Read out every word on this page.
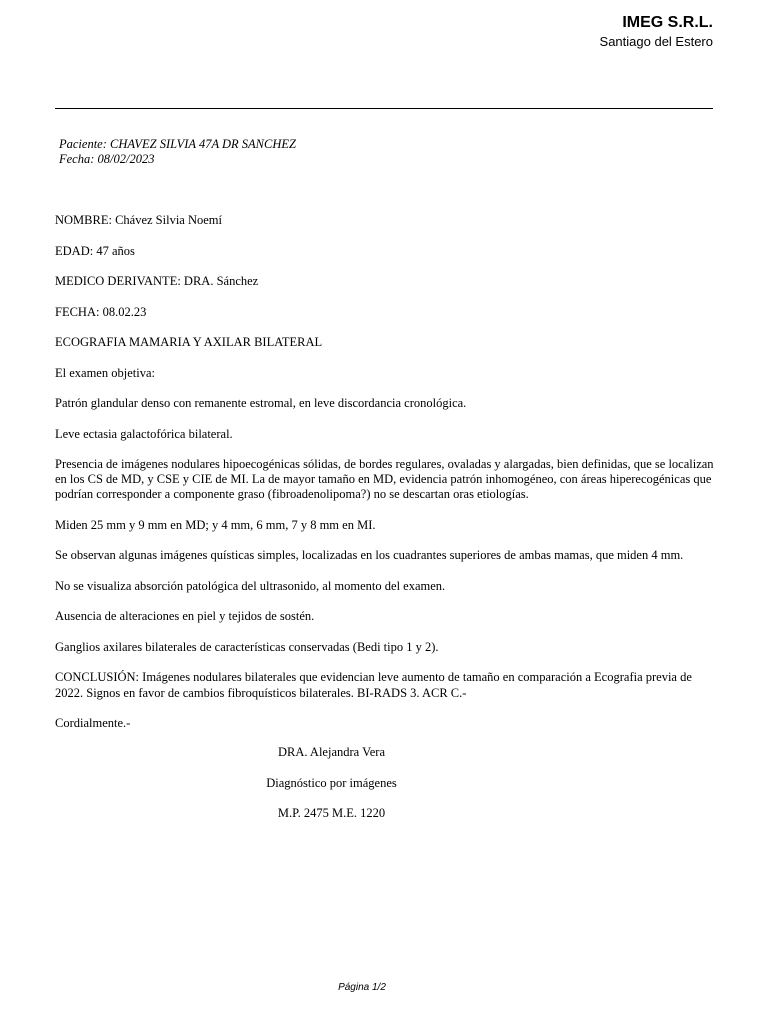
IMEG S.R.L.
Santiago del Estero
Paciente: CHAVEZ SILVIA 47A DR SANCHEZ
Fecha: 08/02/2023

NOMBRE: Chávez Silvia Noemí

EDAD: 47 años

MEDICO DERIVANTE: DRA. Sánchez

FECHA: 08.02.23

ECOGRAFIA MAMARIA Y AXILAR BILATERAL

El examen objetiva:

Patrón glandular denso con remanente estromal, en leve discordancia cronológica.

Leve ectasia galactofórica bilateral.

Presencia de imágenes nodulares hipoecogénicas sólidas, de bordes regulares, ovaladas y alargadas, bien definidas, que se localizan en los CS de MD, y CSE y CIE de MI. La de mayor tamaño en MD, evidencia patrón inhomogéneo, con áreas hiperecogénicas que podrían corresponder a componente graso (fibroadenolipoma?) no se descartan oras etiologías.

Miden 25 mm y 9 mm en MD; y 4 mm, 6 mm, 7 y 8 mm en MI.

Se observan algunas imágenes quísticas simples, localizadas en los cuadrantes superiores de ambas mamas, que miden 4 mm.

No se visualiza absorción patológica del ultrasonido, al momento del examen.

Ausencia de alteraciones en piel y tejidos de sostén.

Ganglios axilares bilaterales de características conservadas (Bedi tipo 1 y 2).

CONCLUSIÓN: Imágenes nodulares bilaterales que evidencian leve aumento de tamaño en comparación a Ecografia previa de 2022. Signos en favor de cambios fibroquísticos bilaterales. BI-RADS 3. ACR C.-

Cordialmente.-

DRA. Alejandra Vera
Diagnóstico por imágenes
M.P. 2475 M.E. 1220
Página 1/2
